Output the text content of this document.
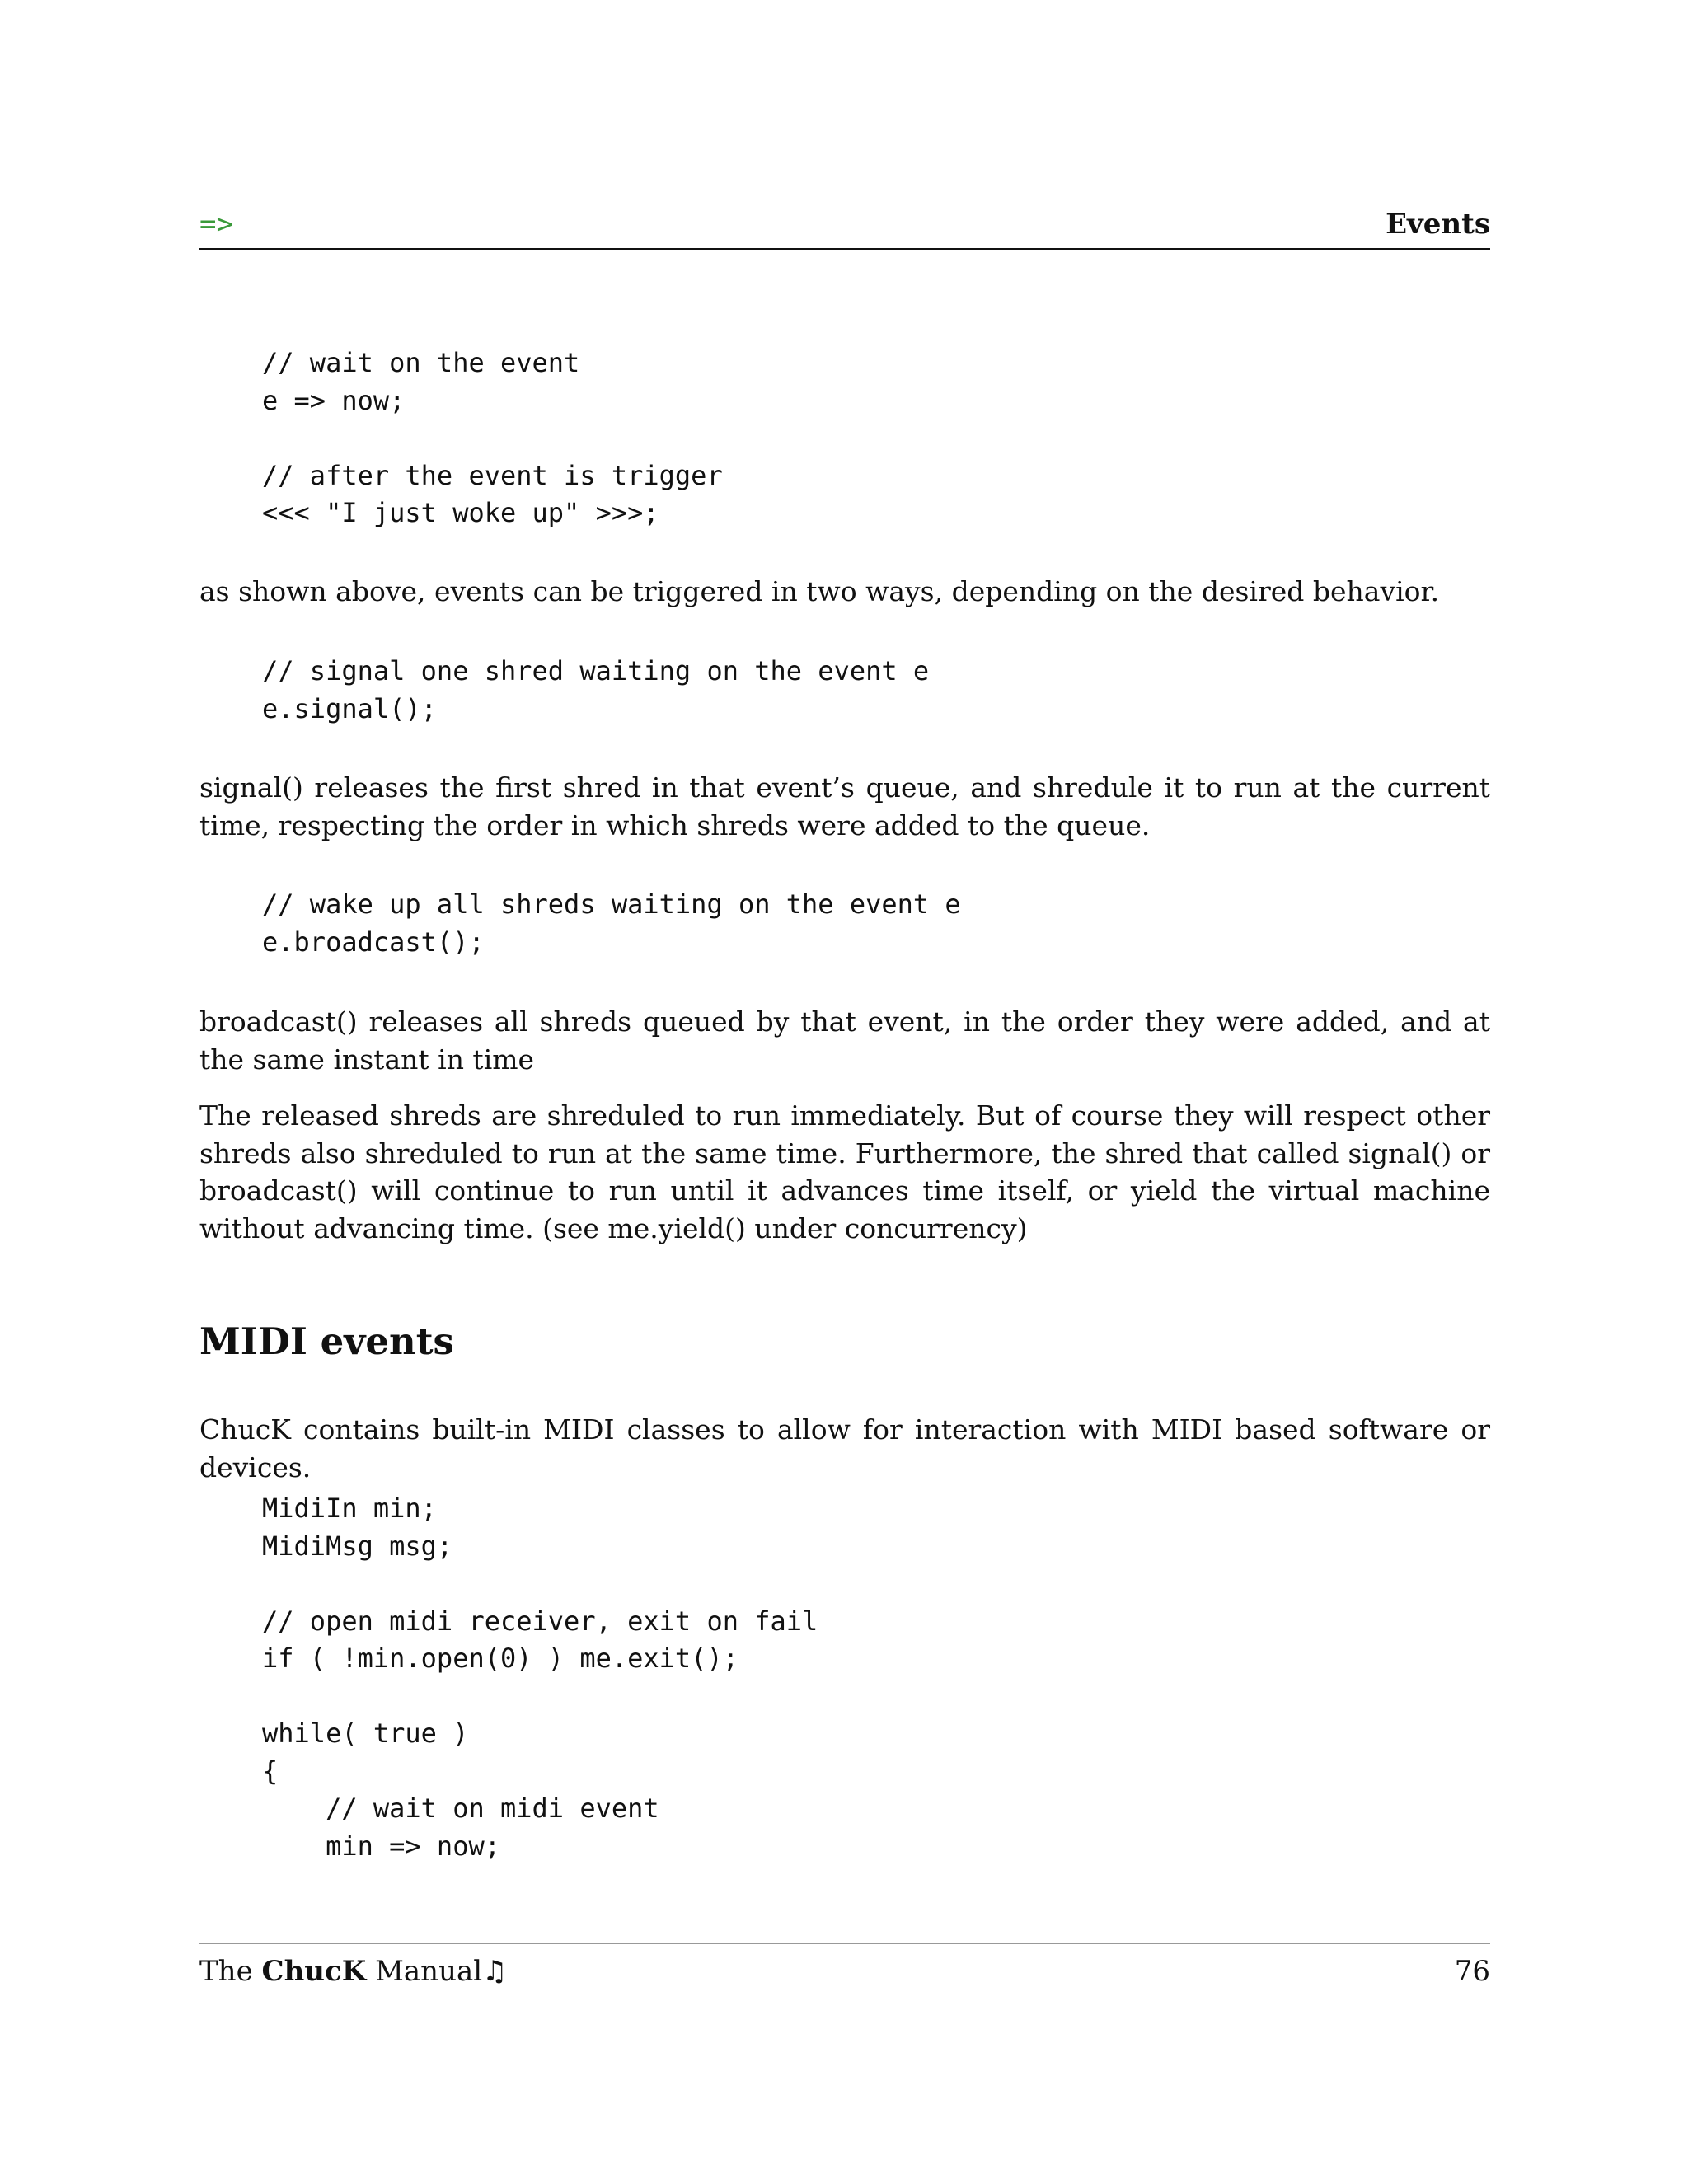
=>	Events
// wait on the event
e => now;

// after the event is trigger
<<< "I just woke up" >>>;

as shown above, events can be triggered in two ways, depending on the desired behavior.

// signal one shred waiting on the event e
e.signal();

signal() releases the first shred in that event’s queue, and shredule it to run at the current time, respecting the order in which shreds were added to the queue.

// wake up all shreds waiting on the event e
e.broadcast();

broadcast() releases all shreds queued by that event, in the order they were added, and at the same instant in time

The released shreds are shreduled to run immediately. But of course they will respect other shreds also shreduled to run at the same time. Furthermore, the shred that called signal() or broadcast() will continue to run until it advances time itself, or yield the virtual machine without advancing time. (see me.yield() under concurrency)

MIDI events

ChucK contains built-in MIDI classes to allow for interaction with MIDI based software or devices.

MidiIn min;
MidiMsg msg;

// open midi receiver, exit on fail
if ( !min.open(0) ) me.exit();

while( true )
{
// wait on midi event
min => now;
The ChucK Manual♫	76
